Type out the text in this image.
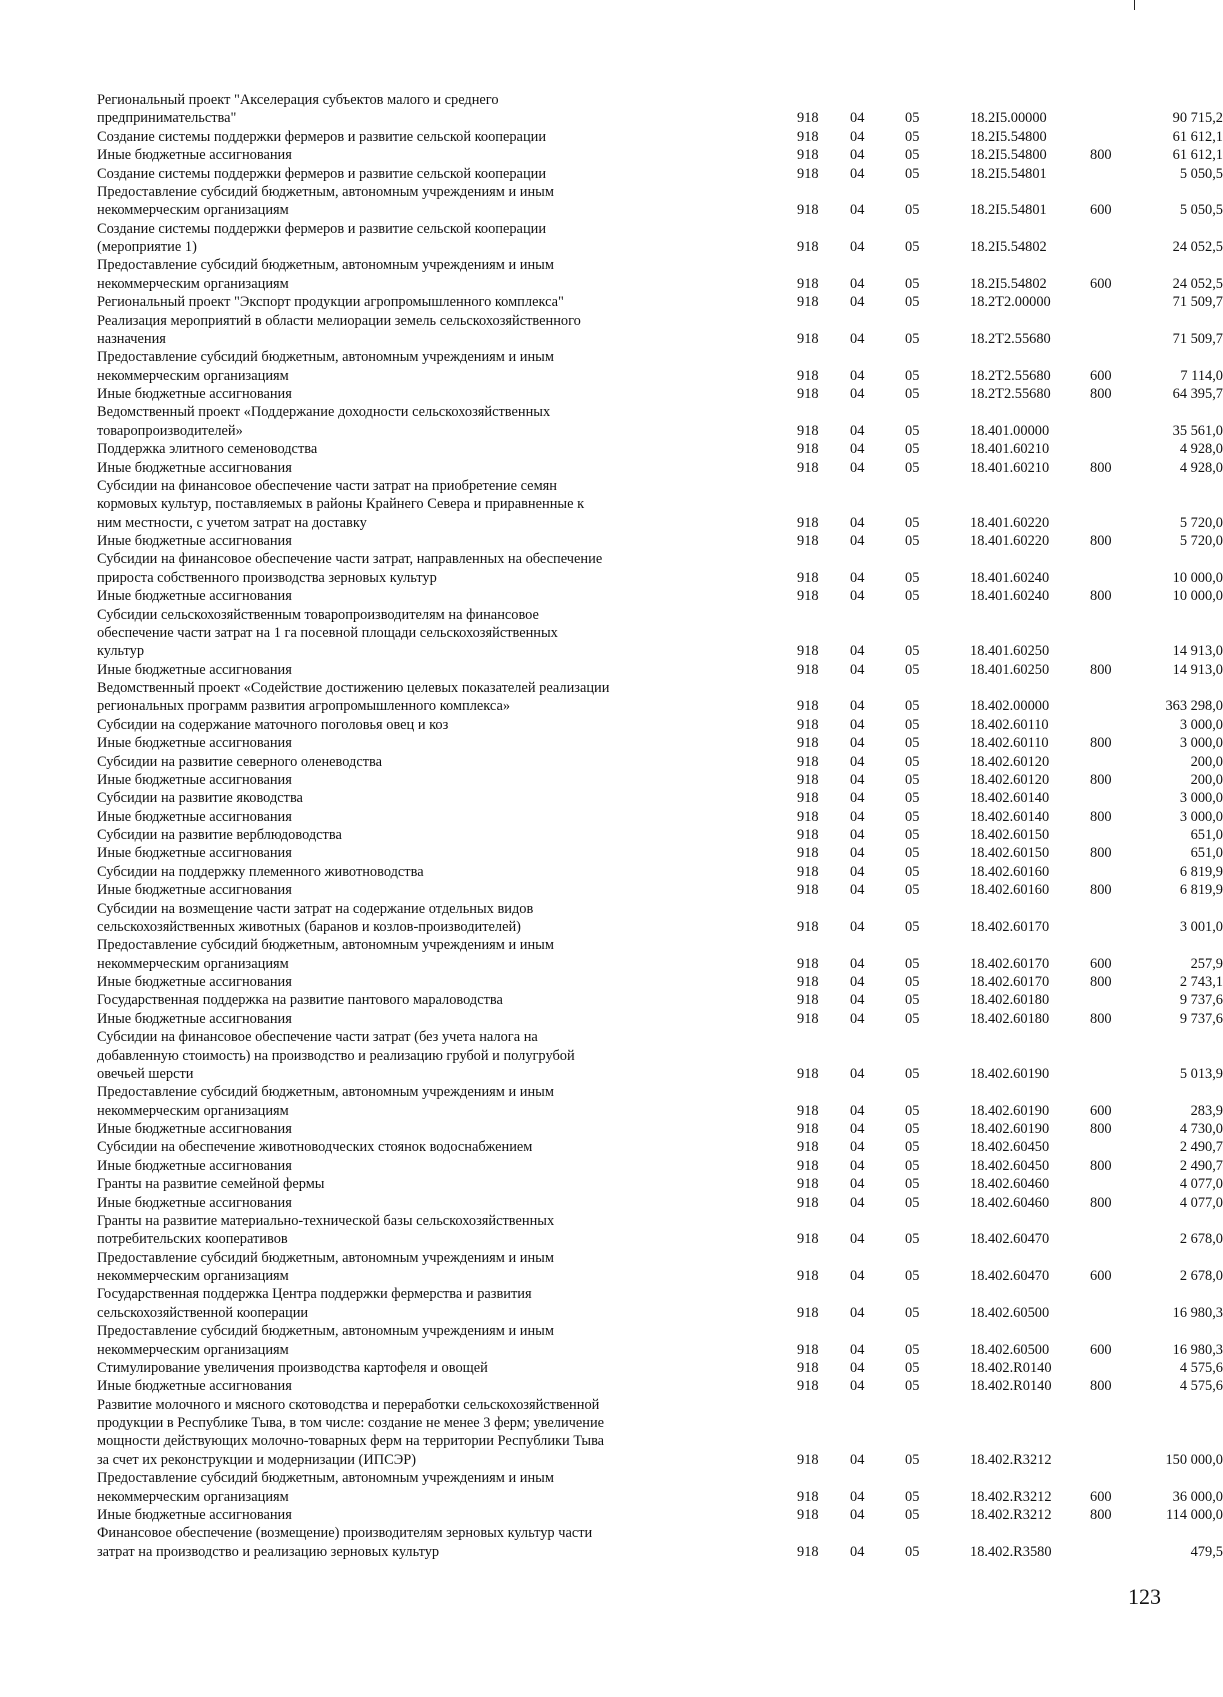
Региональный проект "Акселерация субъектов малого и среднего
предпринимательства"	918	04	05	18.2I5.00000	90 715,2
Создание системы поддержки фермеров и развитие сельской кооперации	918	04	05	18.2I5.54800	61 612,1
Иные бюджетные ассигнования	918	04	05	18.2I5.54800	800	61 612,1
Создание системы поддержки фермеров и развитие сельской кооперации	918	04	05	18.2I5.54801	5 050,5
Предоставление субсидий бюджетным, автономным учреждениям и иным
некоммерческим организациям	918	04	05	18.2I5.54801	600	5 050,5
Создание системы поддержки фермеров и развитие сельской кооперации
(мероприятие 1)	918	04	05	18.2I5.54802	24 052,5
Предоставление субсидий бюджетным, автономным учреждениям и иным
некоммерческим организациям	918	04	05	18.2I5.54802	600	24 052,5
Региональный проект "Экспорт продукции агропромышленного комплекса"	918	04	05	18.2T2.00000	71 509,7
Реализация мероприятий в области мелиорации земель сельскохозяйственного
назначения	918	04	05	18.2T2.55680	71 509,7
Предоставление субсидий бюджетным, автономным учреждениям и иным
некоммерческим организациям	918	04	05	18.2T2.55680	600	7 114,0
Иные бюджетные ассигнования	918	04	05	18.2T2.55680	800	64 395,7
Ведомственный проект «Поддержание доходности сельскохозяйственных
товаропроизводителей»	918	04	05	18.401.00000	35 561,0
Поддержка элитного семеноводства	918	04	05	18.401.60210	4 928,0
Иные бюджетные ассигнования	918	04	05	18.401.60210	800	4 928,0
Субсидии на финансовое обеспечение части затрат на приобретение семян
кормовых культур, поставляемых в районы Крайнего Севера и приравненные к
ним местности, с учетом затрат на доставку	918	04	05	18.401.60220	5 720,0
Иные бюджетные ассигнования	918	04	05	18.401.60220	800	5 720,0
Субсидии на финансовое обеспечение части затрат, направленных на обеспечение
прироста собственного производства зерновых культур	918	04	05	18.401.60240	10 000,0
Иные бюджетные ассигнования	918	04	05	18.401.60240	800	10 000,0
Субсидии сельскохозяйственным товаропроизводителям на финансовое
обеспечение части затрат на 1 га посевной площади сельскохозяйственных
культур	918	04	05	18.401.60250	14 913,0
Иные бюджетные ассигнования	918	04	05	18.401.60250	800	14 913,0
Ведомственный проект «Содействие достижению целевых показателей реализации
региональных программ развития агропромышленного комплекса»	918	04	05	18.402.00000	363 298,0
Субсидии на содержание маточного поголовья овец и коз	918	04	05	18.402.60110	3 000,0
Иные бюджетные ассигнования	918	04	05	18.402.60110	800	3 000,0
Субсидии на развитие северного оленеводства	918	04	05	18.402.60120	200,0
Иные бюджетные ассигнования	918	04	05	18.402.60120	800	200,0
Субсидии на развитие яководства	918	04	05	18.402.60140	3 000,0
Иные бюджетные ассигнования	918	04	05	18.402.60140	800	3 000,0
Субсидии на развитие верблюдоводства	918	04	05	18.402.60150	651,0
Иные бюджетные ассигнования	918	04	05	18.402.60150	800	651,0
Субсидии на поддержку племенного животноводства	918	04	05	18.402.60160	6 819,9
Иные бюджетные ассигнования	918	04	05	18.402.60160	800	6 819,9
Субсидии на возмещение части затрат на содержание отдельных видов
сельскохозяйственных животных (баранов и козлов-производителей)	918	04	05	18.402.60170	3 001,0
Предоставление субсидий бюджетным, автономным учреждениям и иным
некоммерческим организациям	918	04	05	18.402.60170	600	257,9
Иные бюджетные ассигнования	918	04	05	18.402.60170	800	2 743,1
Государственная поддержка на развитие пантового мараловодства	918	04	05	18.402.60180	9 737,6
Иные бюджетные ассигнования	918	04	05	18.402.60180	800	9 737,6
Субсидии на финансовое обеспечение части затрат (без учета налога на
добавленную стоимость) на производство и реализацию грубой и полугрубой
овечьей шерсти	918	04	05	18.402.60190	5 013,9
Предоставление субсидий бюджетным, автономным учреждениям и иным
некоммерческим организациям	918	04	05	18.402.60190	600	283,9
Иные бюджетные ассигнования	918	04	05	18.402.60190	800	4 730,0
Субсидии на обеспечение животноводческих стоянок водоснабжением	918	04	05	18.402.60450	2 490,7
Иные бюджетные ассигнования	918	04	05	18.402.60450	800	2 490,7
Гранты на развитие семейной фермы	918	04	05	18.402.60460	4 077,0
Иные бюджетные ассигнования	918	04	05	18.402.60460	800	4 077,0
Гранты на развитие материально-технической базы сельскохозяйственных
потребительских кооперативов	918	04	05	18.402.60470	2 678,0
Предоставление субсидий бюджетным, автономным учреждениям и иным
некоммерческим организациям	918	04	05	18.402.60470	600	2 678,0
Государственная поддержка Центра поддержки фермерства и развития
сельскохозяйственной кооперации	918	04	05	18.402.60500	16 980,3
Предоставление субсидий бюджетным, автономным учреждениям и иным
некоммерческим организациям	918	04	05	18.402.60500	600	16 980,3
Стимулирование увеличения производства картофеля и овощей	918	04	05	18.402.R0140	4 575,6
Иные бюджетные ассигнования	918	04	05	18.402.R0140	800	4 575,6
Развитие молочного и мясного скотоводства и переработки сельскохозяйственной
продукции в Республике Тыва, в том числе: создание не менее 3 ферм; увеличение
мощности действующих молочно-товарных ферм на территории Республики Тыва
за счет их реконструкции и модернизации (ИПСЭР)	918	04	05	18.402.R3212	150 000,0
Предоставление субсидий бюджетным, автономным учреждениям и иным
некоммерческим организациям	918	04	05	18.402.R3212	600	36 000,0
Иные бюджетные ассигнования	918	04	05	18.402.R3212	800	114 000,0
Финансовое обеспечение (возмещение) производителям зерновых культур части
затрат на производство и реализацию зерновых культур	918	04	05	18.402.R3580	479,5
123
